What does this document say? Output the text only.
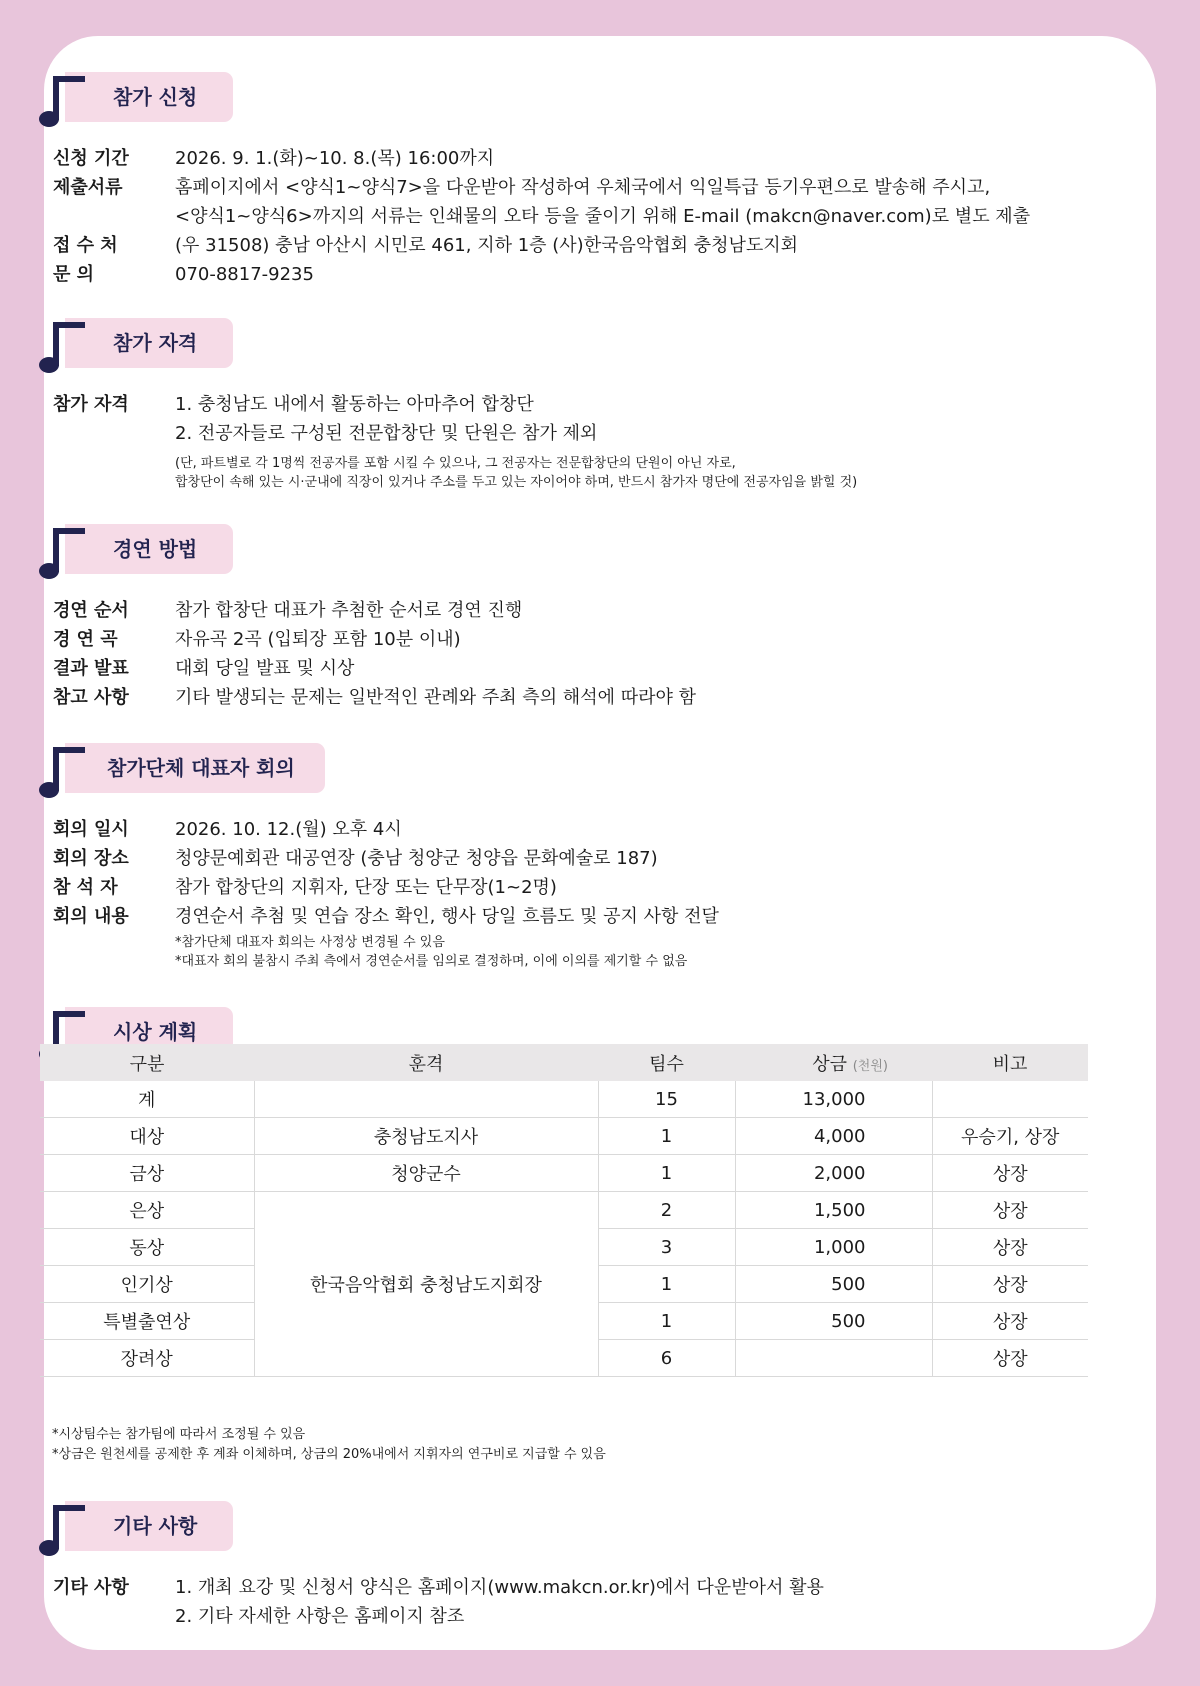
참가 신청
신청 기간	2026. 9. 1.(화)~10. 8.(목) 16:00까지
제출서류	홈페이지에서 <양식1~양식7>을 다운받아 작성하여 우체국에서 익일특급 등기우편으로 발송해 주시고,
<양식1~양식6>까지의 서류는 인쇄물의 오타 등을 줄이기 위해 E-mail (makcn@naver.com)로 별도 제출
접 수 처	(우 31508) 충남 아산시 시민로 461, 지하 1층 (사)한국음악협회 충청남도지회
문 의	070-8817-9235
참가 자격
참가 자격	1. 충청남도 내에서 활동하는 아마추어 합창단
2. 전공자들로 구성된 전문합창단 및 단원은 참가 제외
(단, 파트별로 각 1명씩 전공자를 포함 시킬 수 있으나, 그 전공자는 전문합창단의 단원이 아닌 자로,
합창단이 속해 있는 시·군내에 직장이 있거나 주소를 두고 있는 자이어야 하며, 반드시 참가자 명단에 전공자임을 밝힐 것)
경연 방법
경연 순서	참가 합창단 대표가 추첨한 순서로 경연 진행
경 연 곡	자유곡 2곡 (입퇴장 포함 10분 이내)
결과 발표	대회 당일 발표 및 시상
참고 사항	기타 발생되는 문제는 일반적인 관례와 주최 측의 해석에 따라야 함
참가단체 대표자 회의
회의 일시	2026. 10. 12.(월) 오후 4시
회의 장소	청양문예회관 대공연장 (충남 청양군 청양읍 문화예술로 187)
참 석 자	참가 합창단의 지휘자, 단장 또는 단무장(1~2명)
회의 내용	경연순서 추첨 및 연습 장소 확인, 행사 당일 흐름도 및 공지 사항 전달
*참가단체 대표자 회의는 사정상 변경될 수 있음
*대표자 회의 불참시 주최 측에서 경연순서를 임의로 결정하며, 이에 이의를 제기할 수 없음
시상 계획
구분	훈격	팀수	상금 (천원)	비고
계		15	13,000	
대상	충청남도지사	1	4,000	우승기, 상장
금상	청양군수	1	2,000	상장
은상	한국음악협회 충청남도지회장	2	1,500	상장
동상		3	1,000	상장
인기상		1	500	상장
특별출연상		1	500	상장
장려상		6		상장
*시상팀수는 참가팀에 따라서 조정될 수 있음
*상금은 원천세를 공제한 후 계좌 이체하며, 상금의 20%내에서 지휘자의 연구비로 지급할 수 있음
기타 사항
기타 사항	1. 개최 요강 및 신청서 양식은 홈페이지(www.makcn.or.kr)에서 다운받아서 활용
2. 기타 자세한 사항은 홈페이지 참조
